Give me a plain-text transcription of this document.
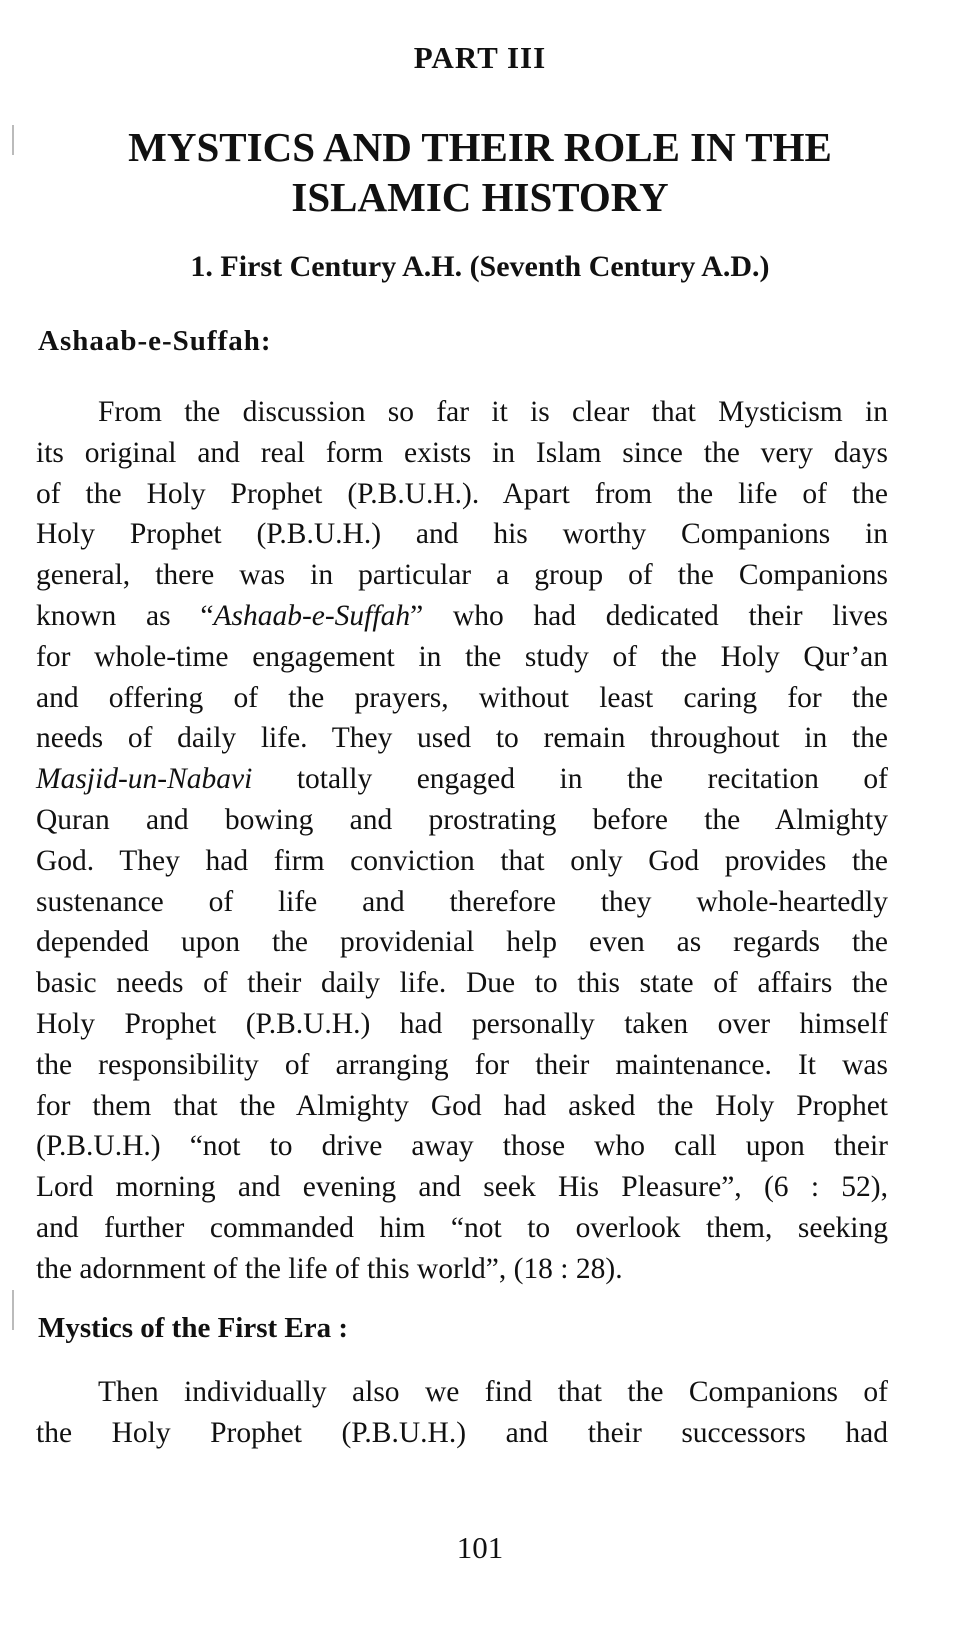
PART III
MYSTICS AND THEIR ROLE IN THE
ISLAMIC HISTORY
1. First Century A.H. (Seventh Century A.D.)
Ashaab-e-Suffah:
From the discussion so far it is clear that Mysticism in
its original and real form exists in Islam since the very days
of the Holy Prophet (P.B.U.H.). Apart from the life of the
Holy Prophet (P.B.U.H.) and his worthy Companions in
general, there was in particular a group of the Companions
known as “Ashaab-e-Suffah” who had dedicated their lives
for whole-time engagement in the study of the Holy Qur’an
and offering of the prayers, without least caring for the
needs of daily life. They used to remain throughout in the
Masjid-un-Nabavi totally engaged in the recitation of
Quran and bowing and prostrating before the Almighty
God. They had firm conviction that only God provides the
sustenance of life and therefore they whole-heartedly
depended upon the providenial help even as regards the
basic needs of their daily life. Due to this state of affairs the
Holy Prophet (P.B.U.H.) had personally taken over himself
the responsibility of arranging for their maintenance. It was
for them that the Almighty God had asked the Holy Prophet
(P.B.U.H.) “not to drive away those who call upon their
Lord morning and evening and seek His Pleasure”, (6 : 52),
and further commanded him “not to overlook them, seeking
the adornment of the life of this world”, (18 : 28).
Mystics of the First Era :
Then individually also we find that the Companions of
the Holy Prophet (P.B.U.H.) and their successors had
101
